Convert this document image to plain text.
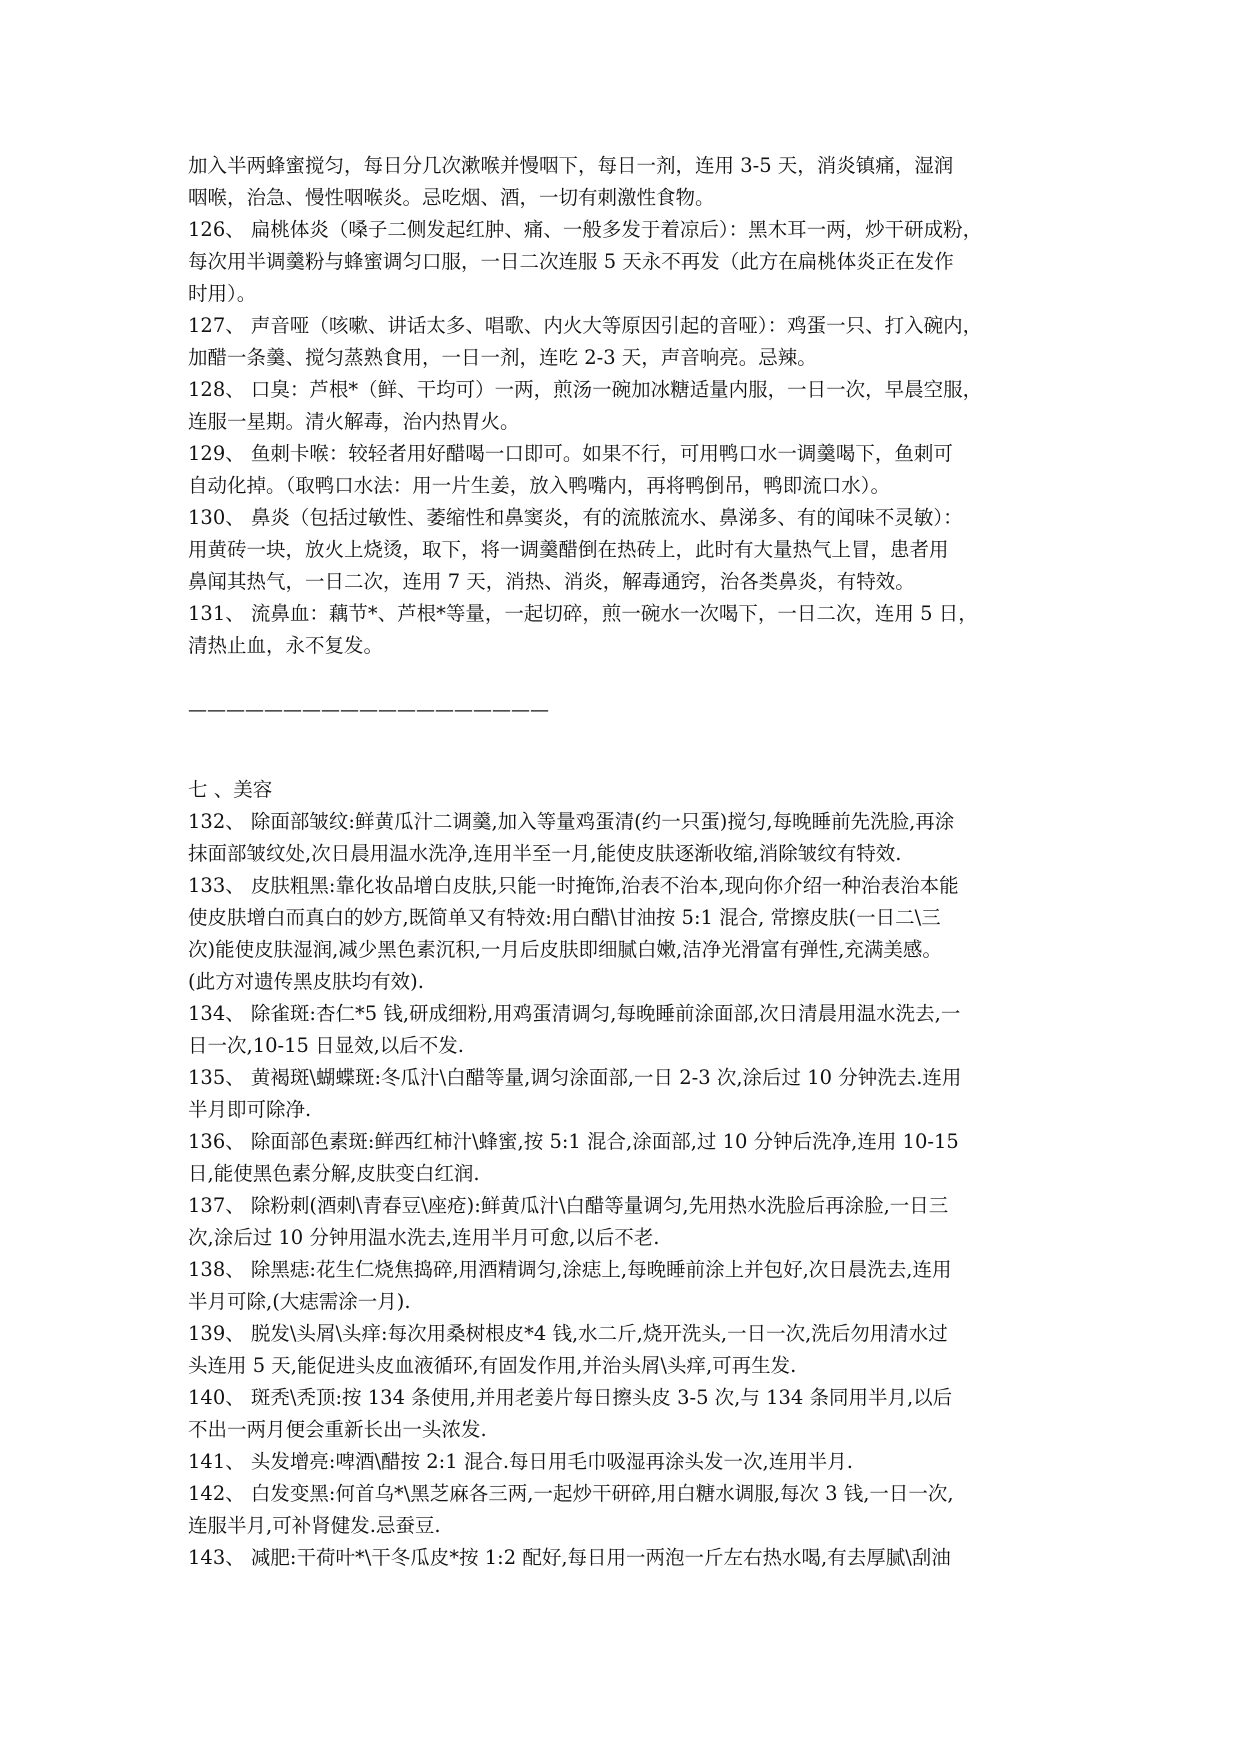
加入半两蜂蜜搅匀，每日分几次漱喉并慢咽下，每日一剂，连用 3-5 天，消炎镇痛，湿润
咽喉，治急、慢性咽喉炎。忌吃烟、酒，一切有刺激性食物。
126、 扁桃体炎（嗓子二侧发起红肿、痛、一般多发于着凉后）：黑木耳一两，炒干研成粉，
每次用半调羹粉与蜂蜜调匀口服，一日二次连服 5 天永不再发（此方在扁桃体炎正在发作
时用）。
127、 声音哑（咳嗽、讲话太多、唱歌、内火大等原因引起的音哑）：鸡蛋一只、打入碗内，
加醋一条羹、搅匀蒸熟食用，一日一剂，连吃 2-3 天，声音响亮。忌辣。
128、 口臭：芦根*（鲜、干均可）一两，煎汤一碗加冰糖适量内服，一日一次，早晨空服，
连服一星期。清火解毒，治内热胃火。
129、 鱼刺卡喉：较轻者用好醋喝一口即可。如果不行，可用鸭口水一调羹喝下，鱼刺可
自动化掉。（取鸭口水法：用一片生姜，放入鸭嘴内，再将鸭倒吊，鸭即流口水）。
130、 鼻炎（包括过敏性、萎缩性和鼻窦炎，有的流脓流水、鼻涕多、有的闻味不灵敏）：
用黄砖一块，放火上烧烫，取下，将一调羹醋倒在热砖上，此时有大量热气上冒，患者用
鼻闻其热气，一日二次，连用 7 天，消热、消炎，解毒通窍，治各类鼻炎，有特效。
131、 流鼻血：藕节*、芦根*等量，一起切碎，煎一碗水一次喝下，一日二次，连用 5 日，
清热止血，永不复发。
———————————————————
七 、美容
132、 除面部皱纹:鲜黄瓜汁二调羹,加入等量鸡蛋清(约一只蛋)搅匀,每晚睡前先洗脸,再涂
抹面部皱纹处,次日晨用温水洗净,连用半至一月,能使皮肤逐渐收缩,消除皱纹有特效.
133、 皮肤粗黑:靠化妆品增白皮肤,只能一时掩饰,治表不治本,现向你介绍一种治表治本能
使皮肤增白而真白的妙方,既简单又有特效:用白醋\甘油按 5:1 混合, 常擦皮肤(一日二\三
次)能使皮肤湿润,减少黑色素沉积,一月后皮肤即细腻白嫩,洁净光滑富有弹性,充满美感。
(此方对遗传黑皮肤均有效).
134、 除雀斑:杏仁*5 钱,研成细粉,用鸡蛋清调匀,每晚睡前涂面部,次日清晨用温水洗去,一
日一次,10-15 日显效,以后不发.
135、 黄褐斑\蝴蝶斑:冬瓜汁\白醋等量,调匀涂面部,一日 2-3 次,涂后过 10 分钟洗去.连用
半月即可除净.
136、 除面部色素斑:鲜西红柿汁\蜂蜜,按 5:1 混合,涂面部,过 10 分钟后洗净,连用 10-15
日,能使黑色素分解,皮肤变白红润.
137、 除粉刺(酒刺\青春豆\座疮):鲜黄瓜汁\白醋等量调匀,先用热水洗脸后再涂脸,一日三
次,涂后过 10 分钟用温水洗去,连用半月可愈,以后不老.
138、 除黑痣:花生仁烧焦捣碎,用酒精调匀,涂痣上,每晚睡前涂上并包好,次日晨洗去,连用
半月可除,(大痣需涂一月).
139、 脱发\头屑\头痒:每次用桑树根皮*4 钱,水二斤,烧开洗头,一日一次,洗后勿用清水过
头连用 5 天,能促进头皮血液循环,有固发作用,并治头屑\头痒,可再生发.
140、 斑秃\秃顶:按 134 条使用,并用老姜片每日擦头皮 3-5 次,与 134 条同用半月,以后
不出一两月便会重新长出一头浓发.
141、 头发增亮:啤酒\醋按 2:1 混合.每日用毛巾吸湿再涂头发一次,连用半月.
142、 白发变黑:何首乌*\黑芝麻各三两,一起炒干研碎,用白糖水调服,每次 3 钱,一日一次,
连服半月,可补肾健发.忌蚕豆.
143、 减肥:干荷叶*\干冬瓜皮*按 1:2 配好,每日用一两泡一斤左右热水喝,有去厚腻\刮油
